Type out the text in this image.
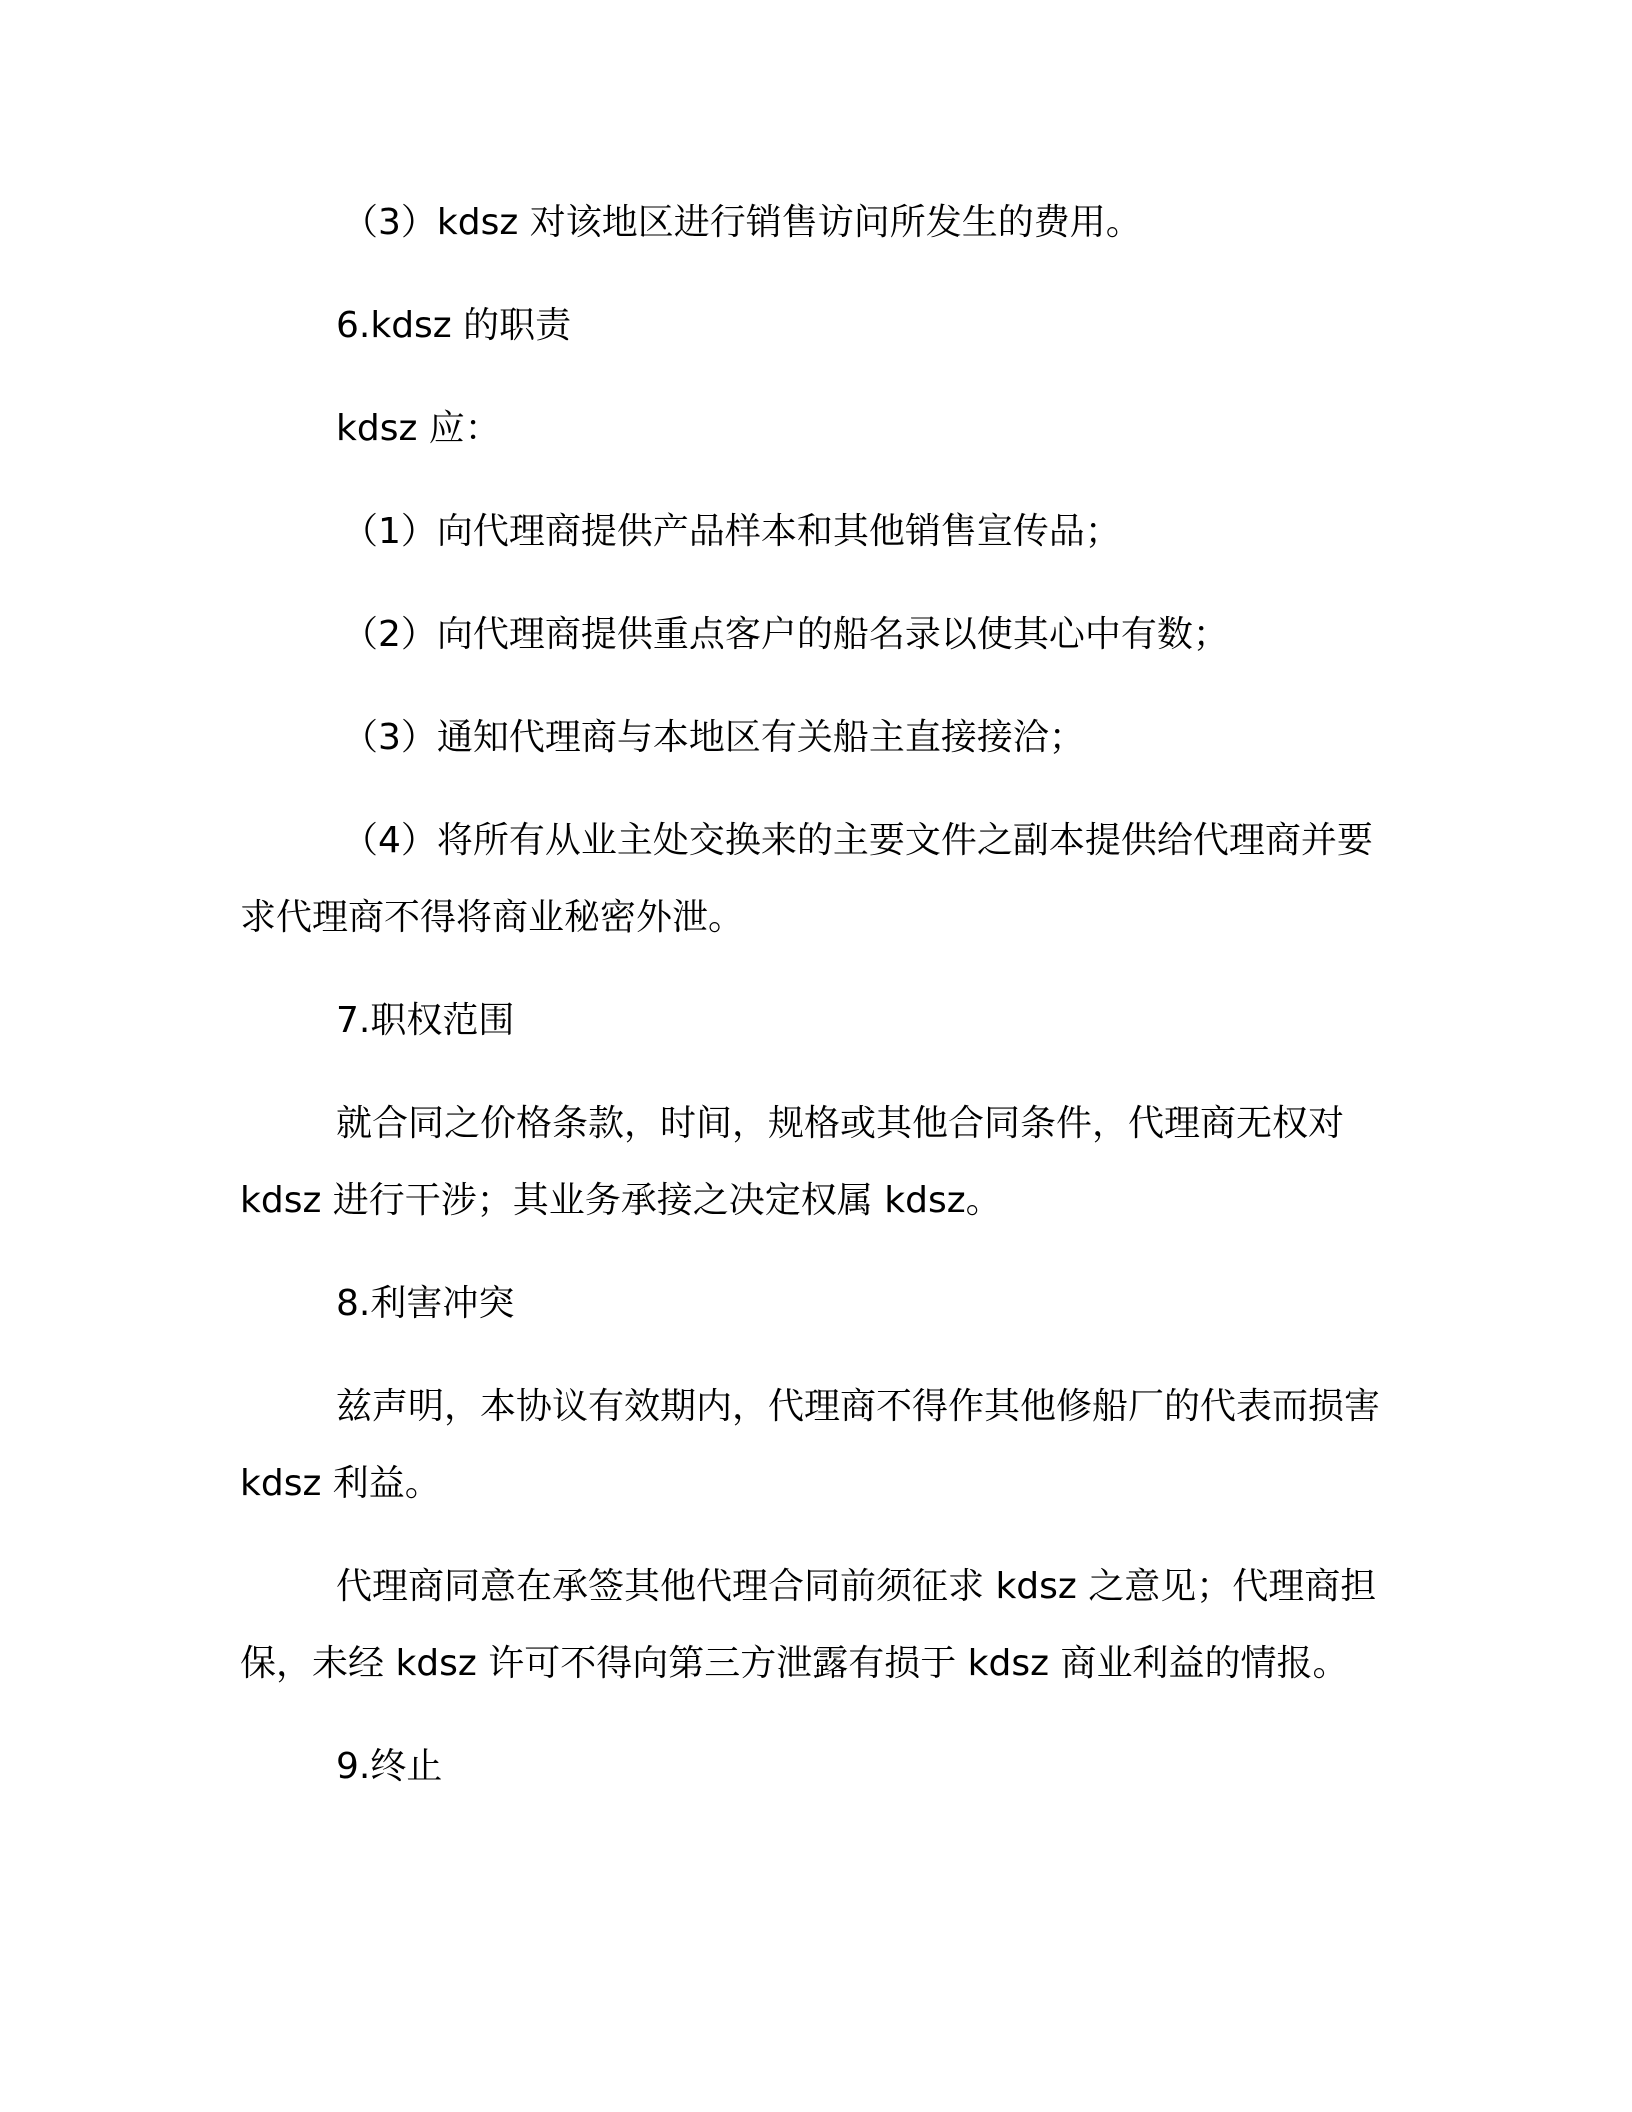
（3）kdsz 对该地区进行销售访问所发生的费用。

6.kdsz 的职责

kdsz 应：

（1）向代理商提供产品样本和其他销售宣传品；

（2）向代理商提供重点客户的船名录以使其心中有数；

（3）通知代理商与本地区有关船主直接接洽；

（4）将所有从业主处交换来的主要文件之副本提供给代理商并要求代理商不得将商业秘密外泄。

7.职权范围

就合同之价格条款，时间，规格或其他合同条件，代理商无权对 kdsz 进行干涉；其业务承接之决定权属 kdsz。

8.利害冲突

兹声明，本协议有效期内，代理商不得作其他修船厂的代表而损害 kdsz 利益。

代理商同意在承签其他代理合同前须征求 kdsz 之意见；代理商担保，未经 kdsz 许可不得向第三方泄露有损于 kdsz 商业利益的情报。

9.终止
